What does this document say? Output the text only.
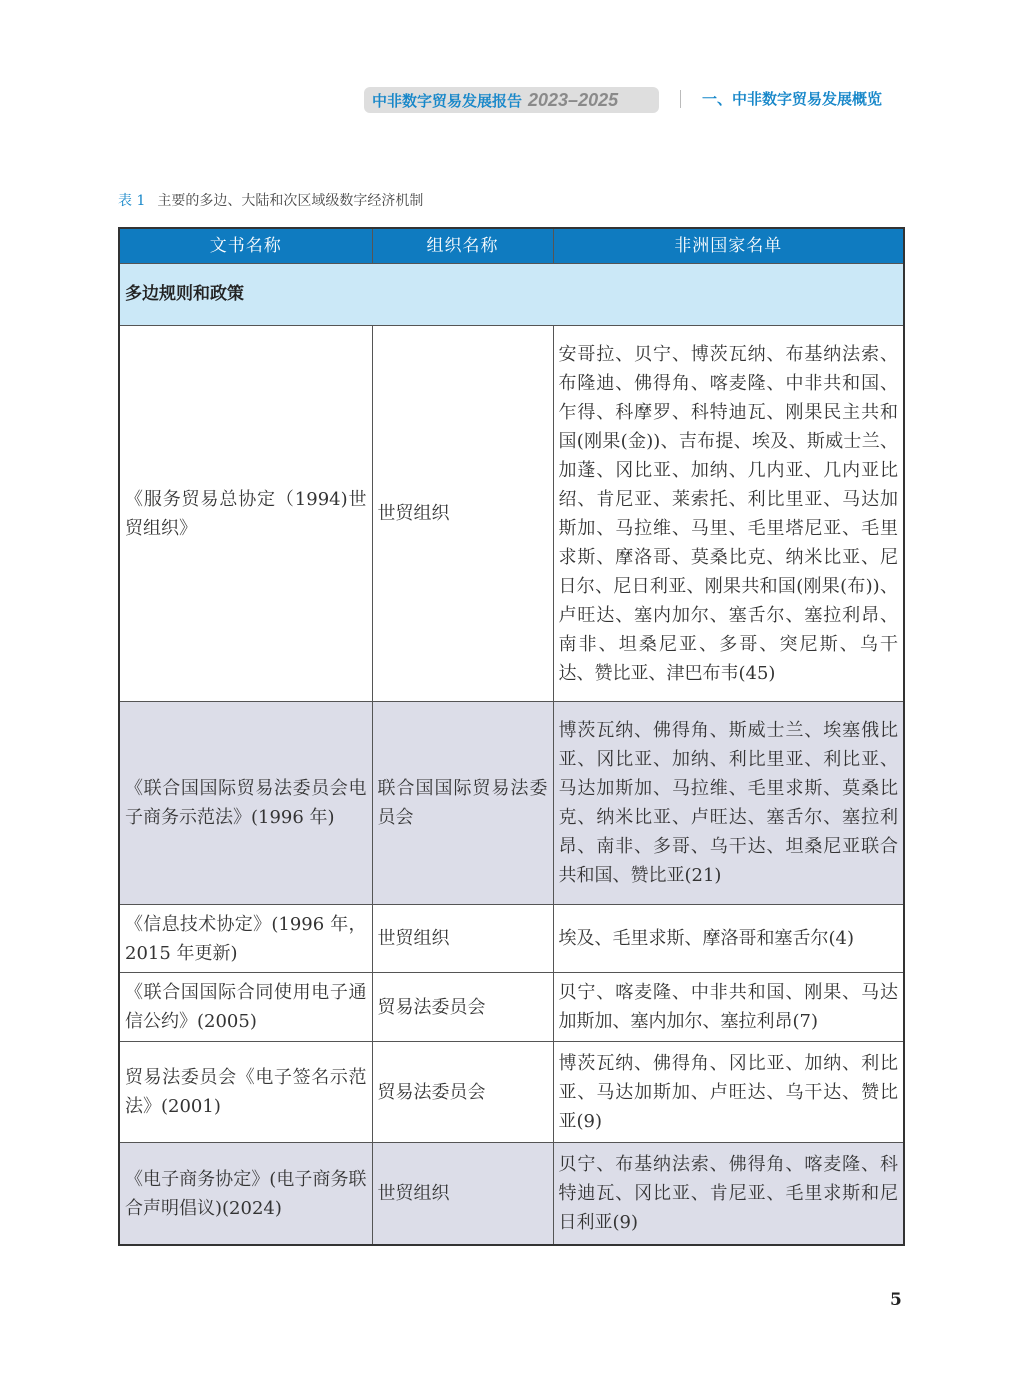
中非数字贸易发展报告 2023–2025	一、中非数字贸易发展概览
表 1 主要的多边、大陆和次区域级数字经济机制
文书名称	组织名称	非洲国家名单
多边规则和政策		
《服务贸易总协定（1994)世贸组织》	世贸组织	安哥拉、贝宁、博茨瓦纳、布基纳法索、布隆迪、佛得角、喀麦隆、中非共和国、乍得、科摩罗、科特迪瓦、刚果民主共和国(刚果(金))、吉布提、埃及、斯威士兰、加蓬、冈比亚、加纳、几内亚、几内亚比绍、肯尼亚、莱索托、利比里亚、马达加斯加、马拉维、马里、毛里塔尼亚、毛里求斯、摩洛哥、莫桑比克、纳米比亚、尼日尔、尼日利亚、刚果共和国(刚果(布))、卢旺达、塞内加尔、塞舌尔、塞拉利昂、南非、坦桑尼亚、多哥、突尼斯、乌干达、赞比亚、津巴布韦(45)
《联合国国际贸易法委员会电子商务示范法》(1996 年)	联合国国际贸易法委员会	博茨瓦纳、佛得角、斯威士兰、埃塞俄比亚、冈比亚、加纳、利比里亚、利比亚、马达加斯加、马拉维、毛里求斯、莫桑比克、纳米比亚、卢旺达、塞舌尔、塞拉利昂、南非、多哥、乌干达、坦桑尼亚联合共和国、赞比亚(21)
《信息技术协定》(1996 年，2015 年更新)	世贸组织	埃及、毛里求斯、摩洛哥和塞舌尔(4)
《联合国国际合同使用电子通信公约》(2005)	贸易法委员会	贝宁、喀麦隆、中非共和国、刚果、马达加斯加、塞内加尔、塞拉利昂(7)
贸易法委员会《电子签名示范法》(2001)	贸易法委员会	博茨瓦纳、佛得角、冈比亚、加纳、利比亚、马达加斯加、卢旺达、乌干达、赞比亚(9)
《电子商务协定》(电子商务联合声明倡议)(2024)	世贸组织	贝宁、布基纳法索、佛得角、喀麦隆、科特迪瓦、冈比亚、肯尼亚、毛里求斯和尼日利亚(9)
5
